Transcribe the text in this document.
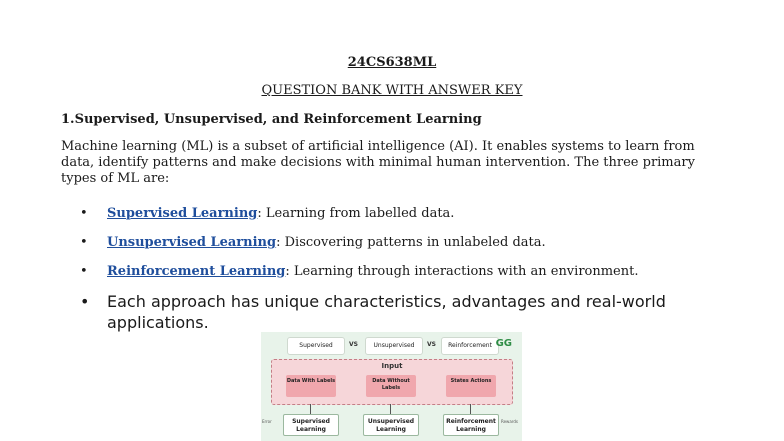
24CS638ML
QUESTION BANK WITH ANSWER KEY
1.Supervised, Unsupervised, and Reinforcement Learning
Machine learning (ML) is a subset of artificial intelligence (AI). It enables systems to learn from data, identify patterns and make decisions with minimal human intervention. The three primary types of ML are:
• Supervised Learning: Learning from labelled data.
• Unsupervised Learning: Discovering patterns in unlabeled data.
• Reinforcement Learning: Learning through interactions with an environment.
• Each approach has unique characteristics, advantages and real-world applications.
Supervised	VS	Unsupervised	VS	Reinforcement GG
Input
Data With Labels	Data Without Labels
States Actions
Error	Rewards
Supervised Learning
Unsupervised Learning
Reinforcement Learning
